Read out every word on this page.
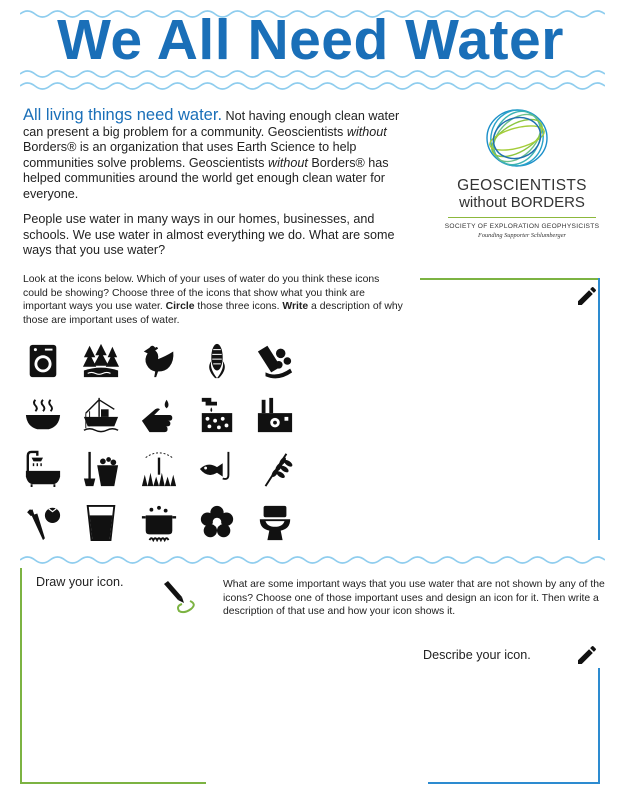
We All Need Water

All living things need water. Not having enough clean water can present a big problem for a community. Geoscientists without Borders® is an organization that uses Earth Science to help communities solve problems. Geoscientists without Borders® has helped communities around the world get enough clean water for everyone.

People use water in many ways in our homes, businesses, and schools. We use water in almost everything we do. What are some ways that you use water?

GEOSCIENTISTS
without BORDERS
SOCIETY OF EXPLORATION GEOPHYSICISTS
Founding Supporter Schlumberger
Look at the icons below. Which of your uses of water do you think these icons could be showing? Choose three of the icons that show what you think are important ways you use water. Circle those three icons. Write a description of why those are important uses of water.
Draw your icon.	What are some important ways that you use water that are not shown by any of the icons? Choose one of those important uses and design an icon for it. Then write a description of that use and how your icon shows it.
Describe your icon.
